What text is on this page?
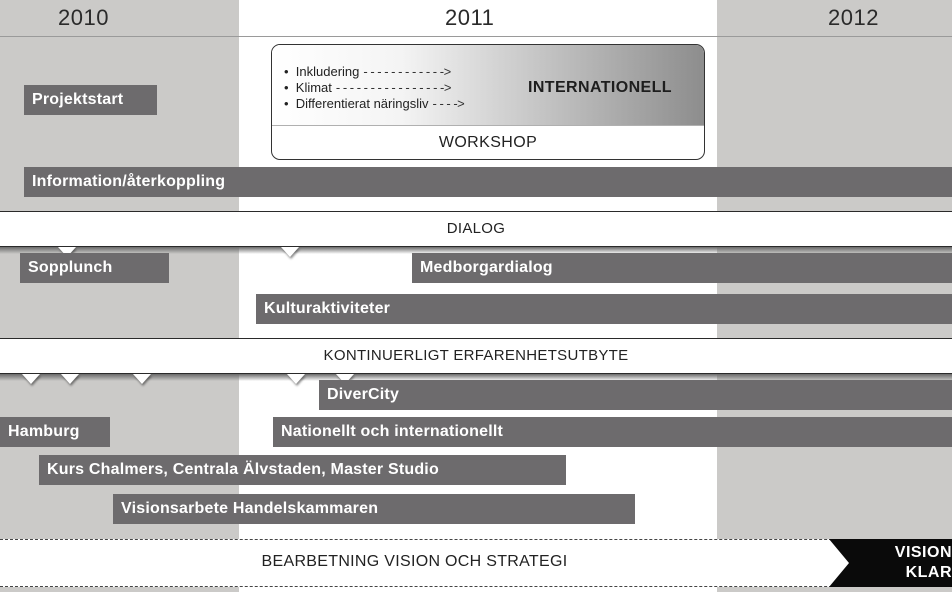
2010	2011	2012
•  Inkludering - - - - - - - - - - - ->
•  Klimat - - - - - - - - - - - - - - - ->
•  Differentierat näringsliv - - - ->
INTERNATIONELL
WORKSHOP
Projektstart
Information/återkoppling
DIALOG
Sopplunch	Medborgardialog
Kulturaktiviteter
KONTINUERLIGT ERFARENHETSUTBYTE
DiverCity
Hamburg	Nationellt och internationellt
Kurs Chalmers, Centrala Älvstaden, Master Studio
Visionsarbete Handelskammaren
BEARBETNING VISION OCH STRATEGI
VISION
KLAR
